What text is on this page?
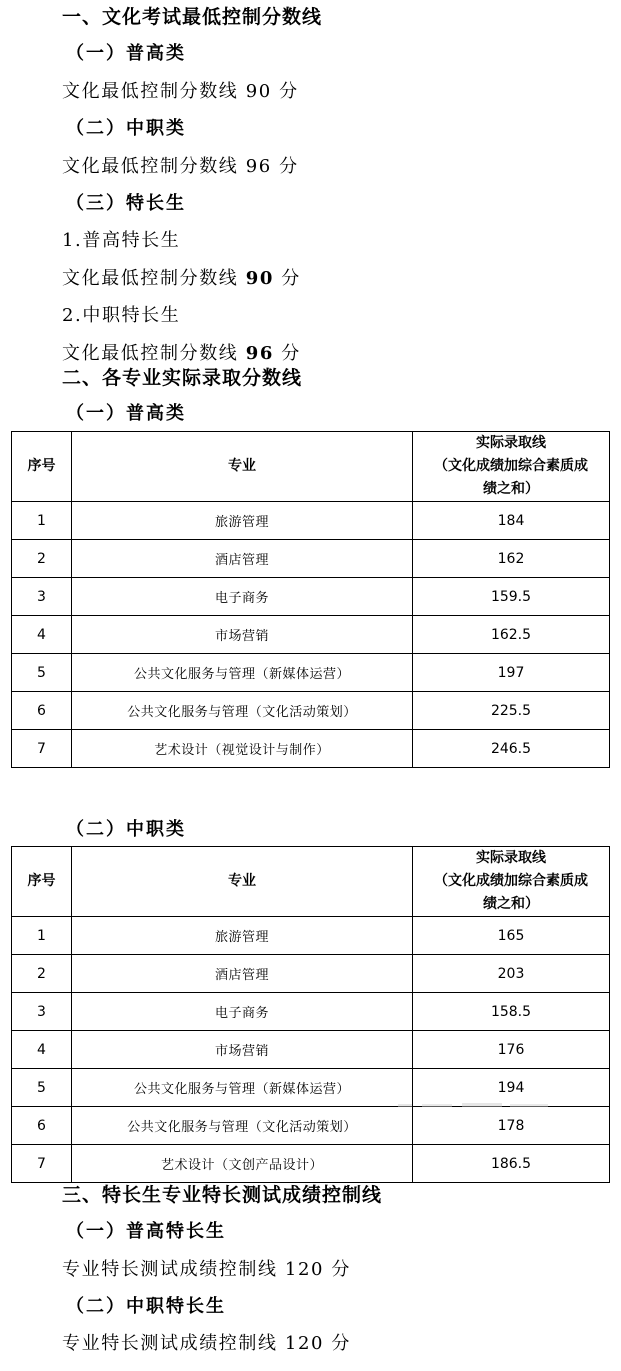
一、文化考试最低控制分数线
（一）普高类
文化最低控制分数线 90 分
（二）中职类
文化最低控制分数线 96 分
（三）特长生
1.普高特长生
文化最低控制分数线 90 分
2.中职特长生
文化最低控制分数线 96 分
二、各专业实际录取分数线
（一）普高类
序号	专业	实际录取线
（文化成绩加综合素质成
绩之和）

1	旅游管理	184
2	酒店管理	162
3	电子商务	159.5
4	市场营销	162.5
5	公共文化服务与管理（新媒体运营）	197
6	公共文化服务与管理（文化活动策划）	225.5
7	艺术设计（视觉设计与制作）	246.5
（二）中职类
序号	专业	实际录取线
（文化成绩加综合素质成
绩之和）

1	旅游管理	165
2	酒店管理	203
3	电子商务	158.5
4	市场营销	176
5	公共文化服务与管理（新媒体运营）	194
6	公共文化服务与管理（文化活动策划）	178
7	艺术设计（文创产品设计）	186.5
三、特长生专业特长测试成绩控制线
（一）普高特长生
专业特长测试成绩控制线 120 分
（二）中职特长生
专业特长测试成绩控制线 120 分
